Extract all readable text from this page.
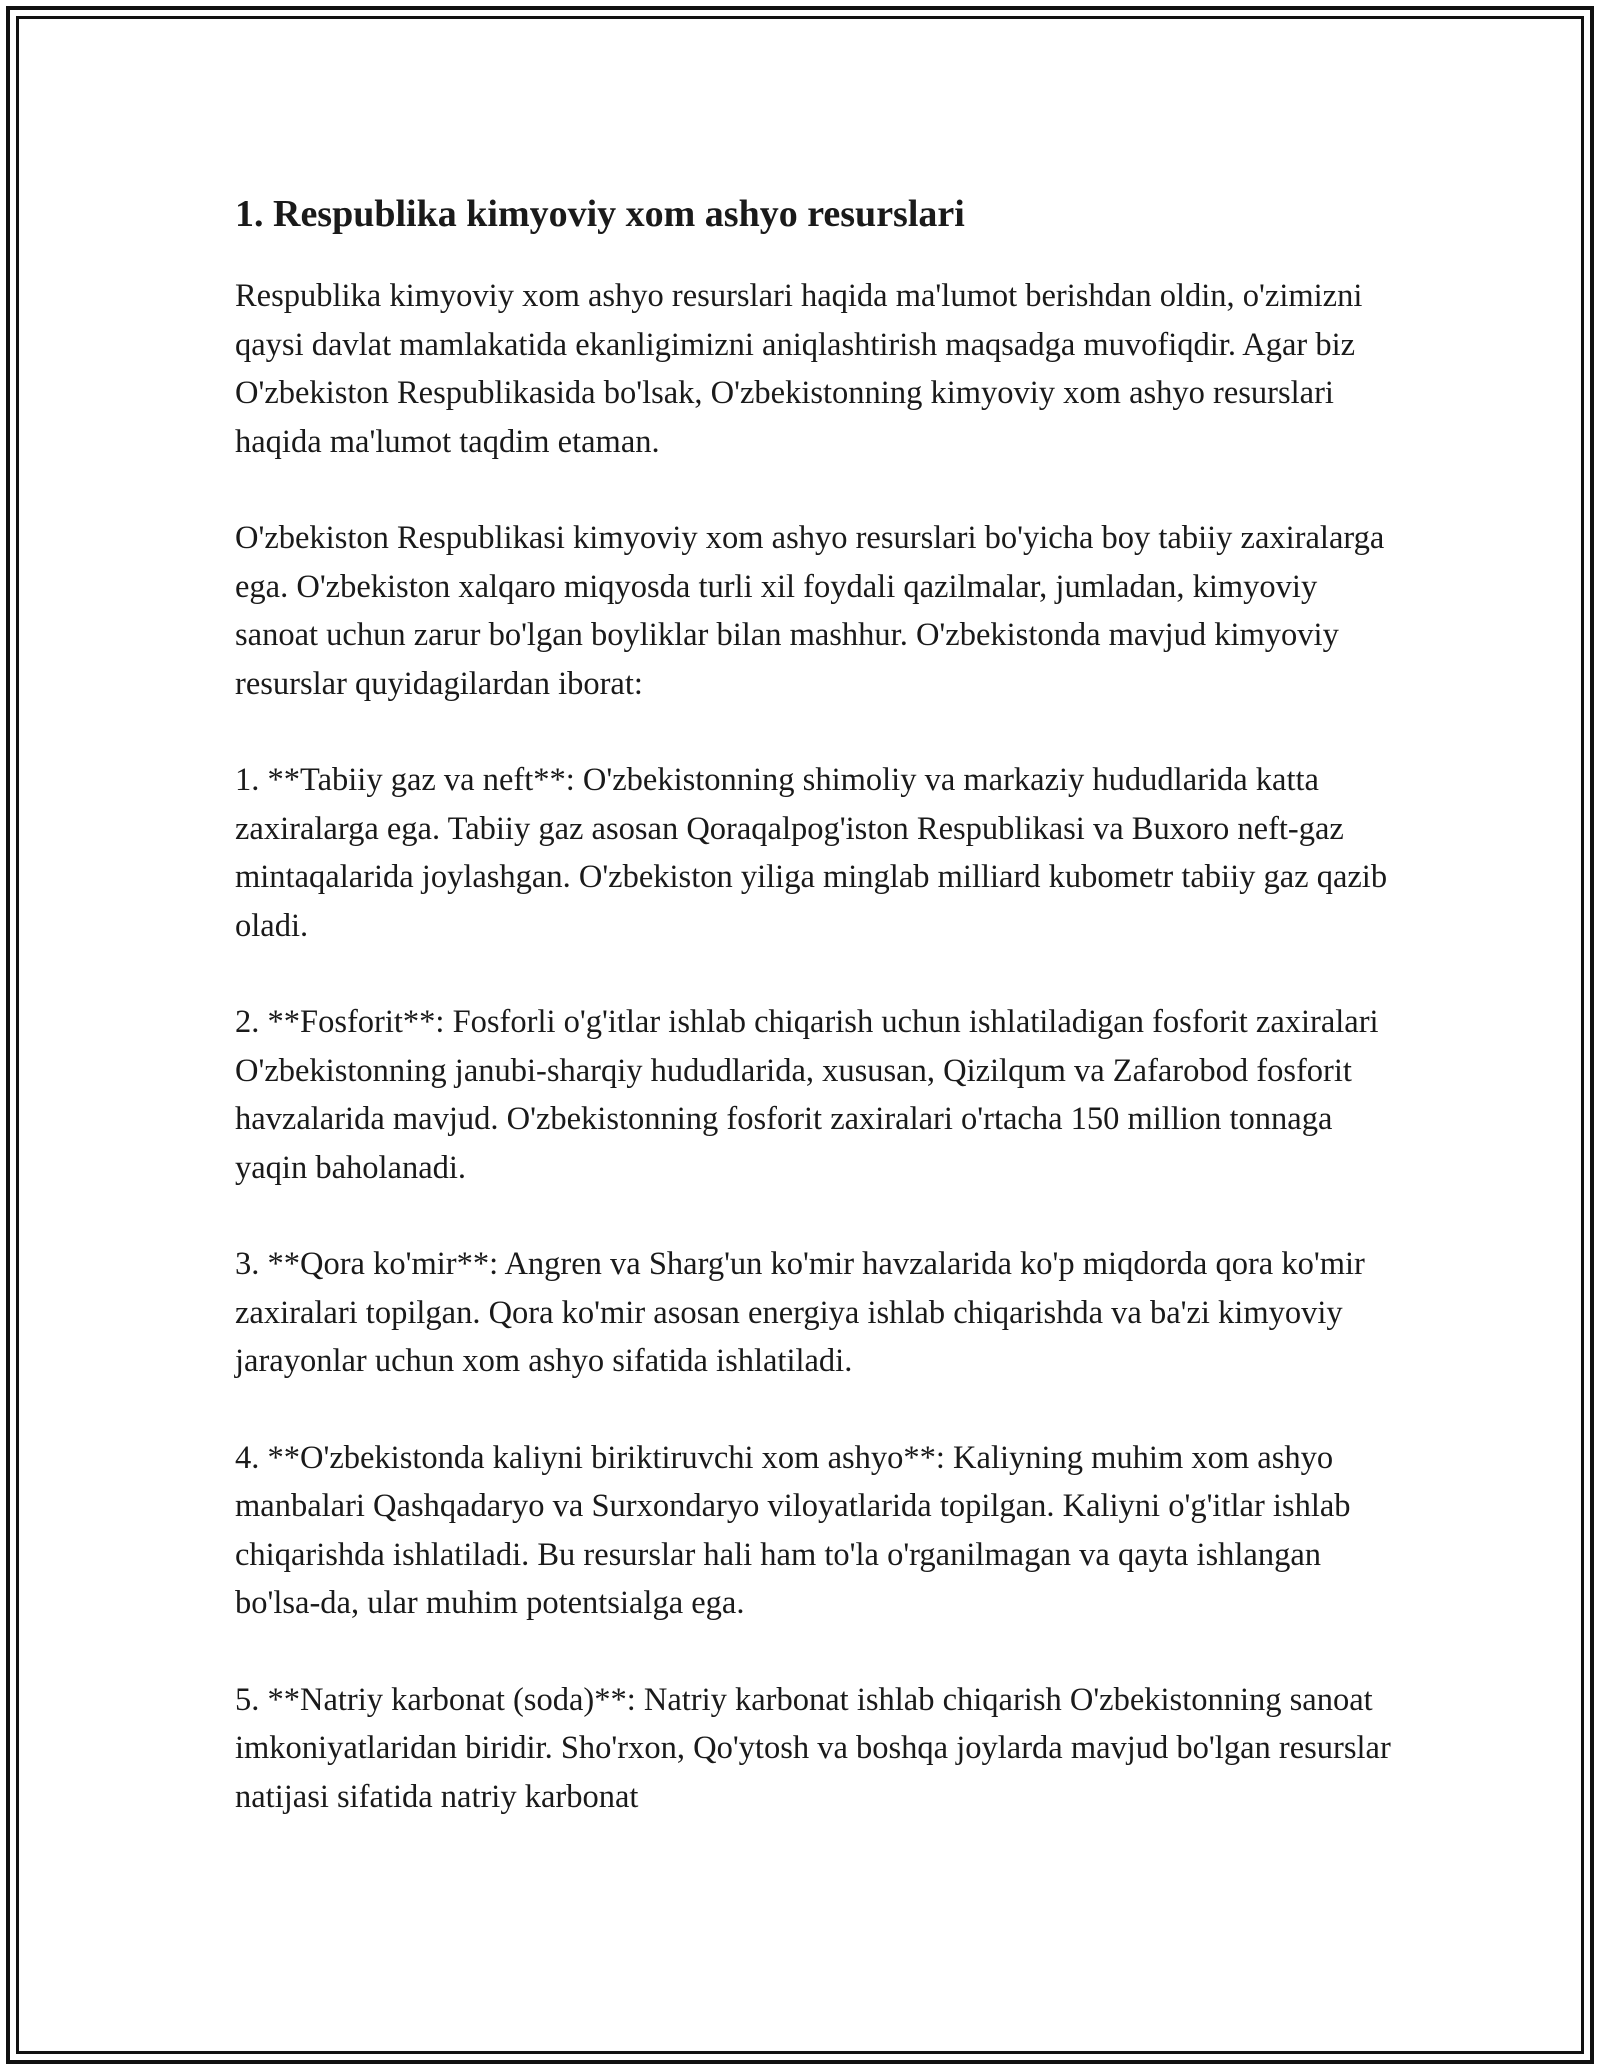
1. Respublika kimyoviy xom ashyo resurslari

Respublika kimyoviy xom ashyo resurslari haqida ma'lumot berishdan oldin, o'zimizni qaysi davlat mamlakatida ekanligimizni aniqlashtirish maqsadga muvofiqdir. Agar biz O'zbekiston Respublikasida bo'lsak, O'zbekistonning kimyoviy xom ashyo resurslari haqida ma'lumot taqdim etaman.

O'zbekiston Respublikasi kimyoviy xom ashyo resurslari bo'yicha boy tabiiy zaxiralarga ega. O'zbekiston xalqaro miqyosda turli xil foydali qazilmalar, jumladan, kimyoviy sanoat uchun zarur bo'lgan boyliklar bilan mashhur. O'zbekistonda mavjud kimyoviy resurslar quyidagilardan iborat:

1. **Tabiiy gaz va neft**: O'zbekistonning shimoliy va markaziy hududlarida katta zaxiralarga ega. Tabiiy gaz asosan Qoraqalpog'iston Respublikasi va Buxoro neft-gaz mintaqalarida joylashgan. O'zbekiston yiliga minglab milliard kubometr tabiiy gaz qazib oladi.

2. **Fosforit**: Fosforli o'g'itlar ishlab chiqarish uchun ishlatiladigan fosforit zaxiralari O'zbekistonning janubi-sharqiy hududlarida, xususan, Qizilqum va Zafarobod fosforit havzalarida mavjud. O'zbekistonning fosforit zaxiralari o'rtacha 150 million tonnaga yaqin baholanadi.

3. **Qora ko'mir**: Angren va Sharg'un ko'mir havzalarida ko'p miqdorda qora ko'mir zaxiralari topilgan. Qora ko'mir asosan energiya ishlab chiqarishda va ba'zi kimyoviy jarayonlar uchun xom ashyo sifatida ishlatiladi.

4. **O'zbekistonda kaliyni biriktiruvchi xom ashyo**: Kaliyning muhim xom ashyo manbalari Qashqadaryo va Surxondaryo viloyatlarida topilgan. Kaliyni o'g'itlar ishlab chiqarishda ishlatiladi. Bu resurslar hali ham to'la o'rganilmagan va qayta ishlangan bo'lsa-da, ular muhim potentsialga ega.

5. **Natriy karbonat (soda)**: Natriy karbonat ishlab chiqarish O'zbekistonning sanoat imkoniyatlaridan biridir. Sho'rxon, Qo'ytosh va boshqa joylarda mavjud bo'lgan resurslar natijasi sifatida natriy karbonat
